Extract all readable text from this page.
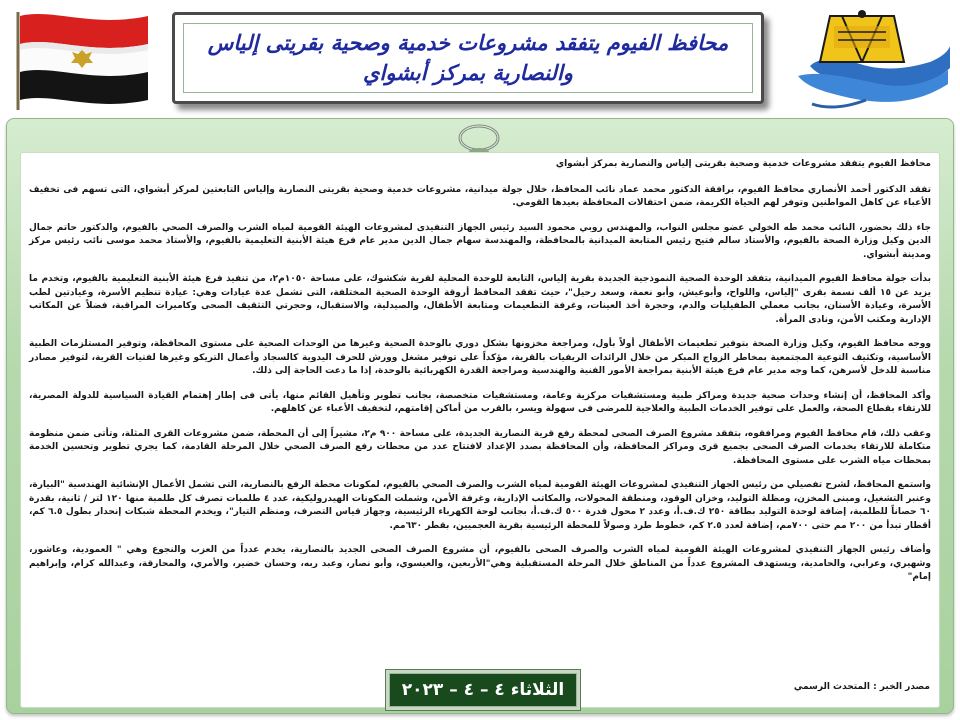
محافظ الفيوم يتفقد مشروعات خدمية وصحية بقريتى إلياس والنصارية بمركز أبشواي

محافظ الفيوم يتفقد مشروعات خدمية وصحية بقريتى إلياس والنصارية بمركز أبشواي

تفقد الدكتور أحمد الأنصاري محافظ الفيوم، برافقة الدكتور محمد عماد نائب المحافظ، خلال جولة ميدانية، مشروعات خدمية وصحية بقريتى النصارية وإلياس التابعتين لمركز أبشواي، التى تسهم فى تخفيف الأعباء عن كاهل المواطنين وتوفر لهم الحياة الكريمة، ضمن احتفالات المحافظة بعيدها القومي.

جاء ذلك بحضور، النائب محمد طه الخولي عضو مجلس النواب، والمهندس روبي محمود السيد رئيس الجهاز التنفيذى لمشروعات الهيئة القومية لمياه الشرب والصرف الصحي بالفيوم، والدكتور حاتم جمال الدين وكيل وزارة الصحة بالفيوم، والأستاذ سالم فتيح رئيس المتابعة الميدانية بالمحافظة، والمهندسة سهام جمال الدين مدير عام فرع هيئة الأبنية التعليمية بالفيوم، والأستاذ محمد موسى نائب رئيس مركز ومدينة أبشواي.

بدأت جولة محافظ الفيوم الميدانية، بتفقد الوحدة الصحية النموذجية الجديدة بقرية إلياس، التابعة للوحدة المحلية لقرية شكشوك، على مساحة ١٠٥٠م٢، من تنفيذ فرع هيئة الأبنية التعليمية بالفيوم، وتخدم ما يزيد عن ١٥ ألف نسمة بقرى "إلياس، واللواح، وأبوعيش، وأبو نعمة، وسعد رحيل"، حيث تفقد المحافظ أروقة الوحدة الصحية المختلفة، التى تشمل عدة عيادات وهي: عيادة تنظيم الأسرة، وعيادتين لطب الأسرة، وعيادة الأسنان، بجانب معملي الطفيليات والدم، وحجرة أخذ العينات، وغرفة التطعيمات ومتابعة الأطفال، والصيدلية، والاستقبال، وحجرتي التثقيف الصحى وكاميرات المراقبة، فضلاً عن المكاتب الإدارية ومكتب الأمن، ونادى المرأة.

ووجه محافظ الفيوم، وكيل وزارة الصحة بتوفير تطعيمات الأطفال أولاً بأول، ومراجعة مخزونها بشكل دوري بالوحدة الصحية وغيرها من الوحدات الصحية على مستوى المحافظة، وتوفير المستلزمات الطبية الأساسية، وتكثيف التوعية المجتمعية بمخاطر الزواج المبكر من خلال الرائدات الريفيات بالقرية، مؤكداً على توفير مشغل وورش للحرف اليدوية كالسجاد وأعمال التريكو وغيرها لفتيات القرية، لتوفير مصادر مناسبة للدخل لأسرهن، كما وجه مدير عام فرع هيئة الأبنية بمراجعة الأمور الفنية والهندسية ومراجعة القدرة الكهربائية بالوحدة، إذا ما دعت الحاجة إلى ذلك.

وأكد المحافظ، أن إنشاء وحدات صحية جديدة ومراكز طبية ومستشفيات مركزية وعامة، ومستشفيات متخصصة، بجانب تطوير وتأهيل القائم منها، يأتى فى إطار إهتمام القيادة السياسية للدولة المصرية، للارتقاء بقطاع الصحة، والعمل على توفير الخدمات الطبية والعلاجية للمرضى فى سهولة ويسر، بالقرب من أماكن إقامتهم، لتخفيف الأعباء عن كاهلهم.

وعقب ذلك، قام محافظ الفيوم ومرافقوه، بتفقد مشروع الصرف الصحى لمحطة رفع قرية النصارية الجديدة، على مساحة ٩٠٠ م٢، مشيراً إلى أن المحطة، ضمن مشروعات القرى المثلة، وتأتى ضمن منظومة متكاملة للارتقاء بخدمات الصرف الصحى بجميع قرى ومراكز المحافظة، وأن المحافظة بصدد الإعداد لافتتاح عدد من محطات رفع الصرف الصحي خلال المرحلة القادمة، كما يجري تطوير وتحسين الخدمة بمحطات مياه الشرب على مستوى المحافظة.

واستمع المحافظ، لشرح تفصيلي من رئيس الجهاز التنفيذي لمشروعات الهيئة القومية لمياه الشرب والصرف الصحي بالفيوم، لمكونات محطة الرفع بالنصارية، التى تشمل الأعمال الإنشائية الهندسية "البيارة، وعنبر التشغيل، ومبنى المخزن، ومظلة التوليد، وخزان الوقود، ومنطقة المحولات، والمكاتب الإدارية، وغرفة الأمن، وشملت المكونات الهيدروليكية، عدد ٤ طلمبات تصرف كل طلمبة منها ١٢٠ لتر / ثانية، بقدرة ٦٠ حصاناً للطلمبة، إضافة لوحدة التوليد بطاقة ٢٥٠ ك.ف.أ، وعدد ٢ محول قدرة ٥٠٠ ك.ف.أ، بجانب لوحة الكهرباء الرئيسية، وجهاز قياس التصرف، ومنظم التيار"، ويخدم المحطة شبكات إنحدار بطول ٦.٥ كم، أقطار تبدأ من ٢٠٠ مم حتى ٧٠٠مم، إضافة لعدد ٢.٥ كم، خطوط طرد وصولاً للمحطة الرئيسية بقرية العجميين، بقطر ٦٣٠مم.

وأضاف رئيس الجهاز التنفيذي لمشروعات الهيئة القومية لمياه الشرب والصرف الصحى بالفيوم، أن مشروع الصرف الصحى الجديد بالنصارية، يخدم عدداً من العزب والنجوع وهي " العمودية، وعاشور، وشهيري، وعرابي، والحامدية، ويستهدف المشروع عدداً من المناطق خلال المرحلة المستقبلية وهي"الأربعين، والعيسوي، وأبو نصار، وعبد ربه، وحسان خضير، والأمري، والمحارقة، وعبدالله كرام، وإبراهيم إمام"

مصدر الخبر : المتحدث الرسمي
الثلاثاء ٤ – ٤ – ٢٠٢٣
